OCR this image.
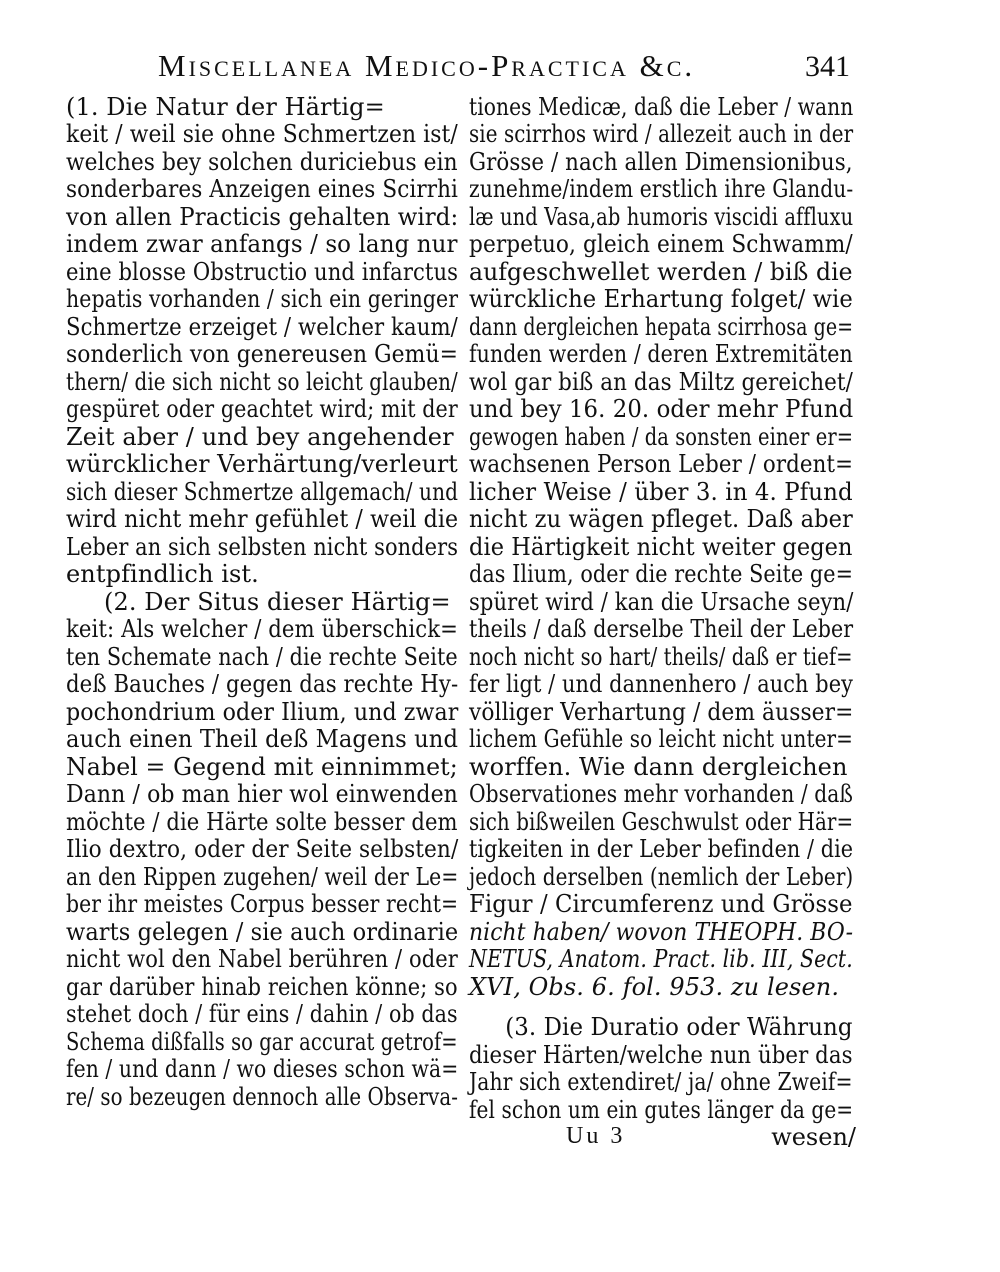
Miscellanea Medico-Practica &c.	341
(1. Die Natur der Härtig=
keit / weil sie ohne Schmertzen ist/
welches bey solchen duriciebus ein
sonderbares Anzeigen eines Scirrhi
von allen Practicis gehalten wird:
indem zwar anfangs / so lang nur
eine blosse Obstructio und infarctus
hepatis vorhanden / sich ein geringer
Schmertze erzeiget / welcher kaum/
sonderlich von genereusen Gemü=
thern/ die sich nicht so leicht glauben/
gespüret oder geachtet wird; mit der
Zeit aber / und bey angehender
würcklicher Verhärtung/verleurt
sich dieser Schmertze allgemach/ und
wird nicht mehr gefühlet / weil die
Leber an sich selbsten nicht sonders
entpfindlich ist.
(2. Der Situs dieser Härtig=
keit: Als welcher / dem überschick=
ten Schemate nach / die rechte Seite
deß Bauches / gegen das rechte Hy-
pochondrium oder Ilium, und zwar
auch einen Theil deß Magens und
Nabel = Gegend mit einnimmet;
Dann / ob man hier wol einwenden
möchte / die Härte solte besser dem
Ilio dextro, oder der Seite selbsten/
an den Rippen zugehen/ weil der Le=
ber ihr meistes Corpus besser recht=
warts gelegen / sie auch ordinarie
nicht wol den Nabel berühren / oder
gar darüber hinab reichen könne; so
stehet doch / für eins / dahin / ob das
Schema dißfalls so gar accurat getrof=
fen / und dann / wo dieses schon wä=
re/ so bezeugen dennoch alle Observa-
tiones Medicæ, daß die Leber / wann
sie scirrhos wird / allezeit auch in der
Grösse / nach allen Dimensionibus,
zunehme/indem erstlich ihre Glandu-
læ und Vasa,ab humoris viscidi affluxu
perpetuo, gleich einem Schwamm/
aufgeschwellet werden / biß die
würckliche Erhartung folget/ wie
dann dergleichen hepata scirrhosa ge=
funden werden / deren Extremitäten
wol gar biß an das Miltz gereichet/
und bey 16. 20. oder mehr Pfund
gewogen haben / da sonsten einer er=
wachsenen Person Leber / ordent=
licher Weise / über 3. in 4. Pfund
nicht zu wägen pfleget. Daß aber
die Härtigkeit nicht weiter gegen
das Ilium, oder die rechte Seite ge=
spüret wird / kan die Ursache seyn/
theils / daß derselbe Theil der Leber
noch nicht so hart/ theils/ daß er tief=
fer ligt / und dannenhero / auch bey
völliger Verhartung / dem äusser=
lichem Gefühle so leicht nicht unter=
worffen. Wie dann dergleichen
Observationes mehr vorhanden / daß
sich bißweilen Geschwulst oder Här=
tigkeiten in der Leber befinden / die
jedoch derselben (nemlich der Leber)
Figur / Circumferenz und Grösse
nicht haben/ wovon THEOPH. BO-
NETUS, Anatom. Pract. lib. III, Sect.
XVI, Obs. 6. fol. 953. zu lesen.
(3. Die Duratio oder Währung
dieser Härten/welche nun über das
Jahr sich extendiret/ ja/ ohne Zweif=
fel schon um ein gutes länger da ge=
Uu 3	wesen/
